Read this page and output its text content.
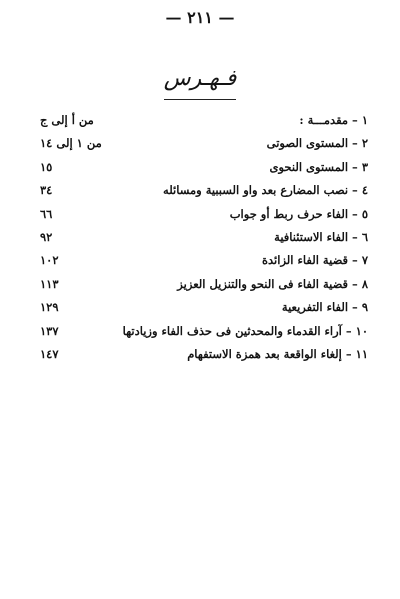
— ٢١١ —
فـهـرس
١ – مقدمـــة :
من أ إلى ج
٢ – المستوى الصوتى
من ١ إلى ١٤
٣ – المستوى النحوى
١٥
٤ – نصب المضارع بعد واو السببية ومسائله
٣٤
٥ – الفاء حرف ربط أو جواب
٦٦
٦ – الفاء الاستئنافية
٩٢
٧ – قضية الفاء الزائدة
١٠٢
٨ – قضية الفاء فى النحو والتنزيل العزيز
١١٣
٩ – الفاء التفريعية
١٢٩
١٠ – آراء القدماء والمحدثين فى حذف الفاء وزيادتها
١٣٧
١١ – إلغاء الواقعة بعد همزة الاستفهام
١٤٧
